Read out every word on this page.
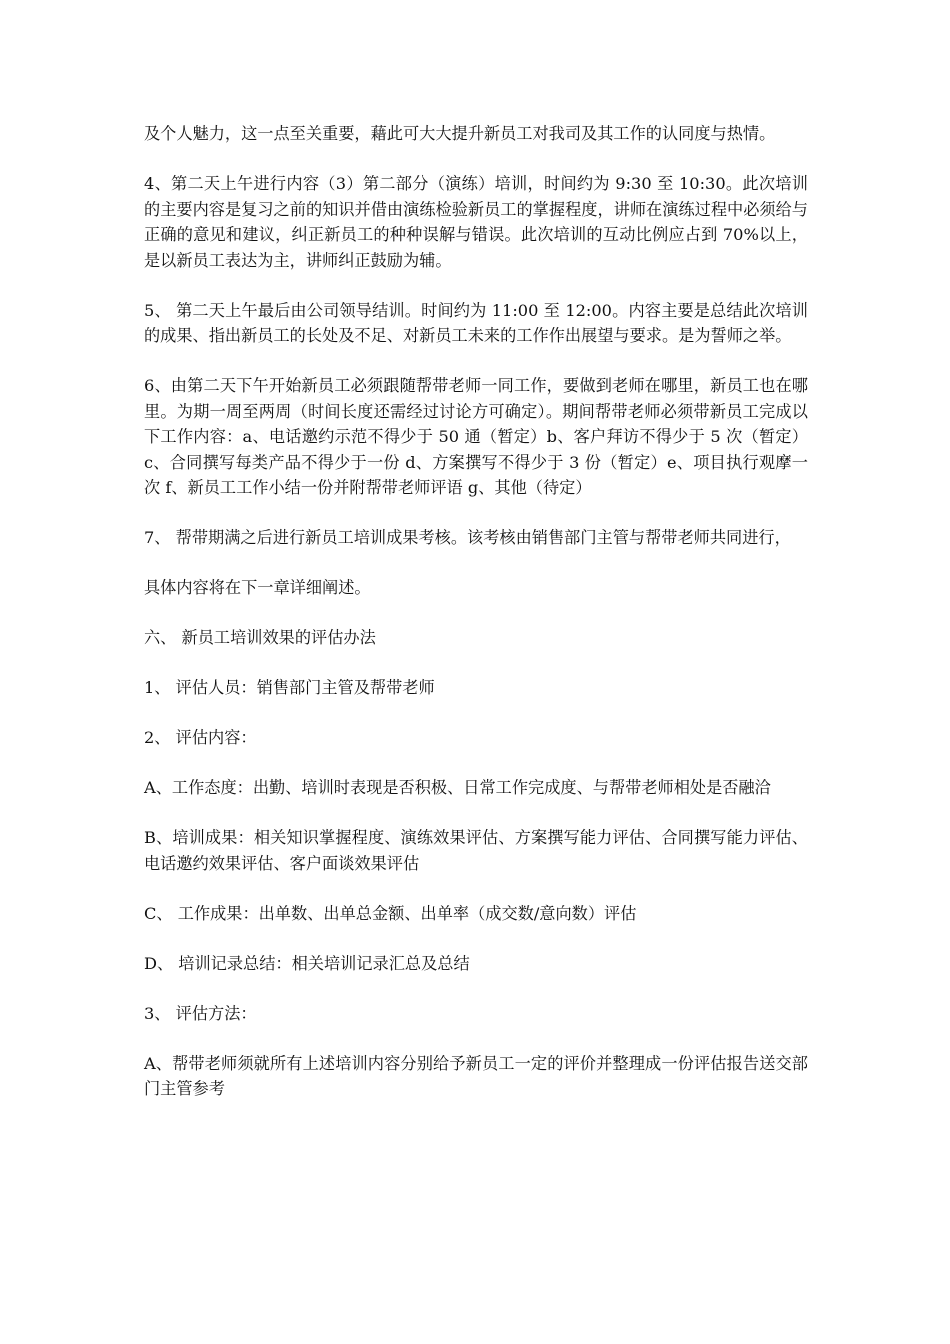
及个人魅力，这一点至关重要，藉此可大大提升新员工对我司及其工作的认同度与热情。

4、第二天上午进行内容（3）第二部分（演练）培训，时间约为 9:30 至 10:30。此次培训的主要内容是复习之前的知识并借由演练检验新员工的掌握程度，讲师在演练过程中必须给与正确的意见和建议，纠正新员工的种种误解与错误。此次培训的互动比例应占到 70%以上，是以新员工表达为主，讲师纠正鼓励为辅。

5、 第二天上午最后由公司领导结训。时间约为 11:00 至 12:00。内容主要是总结此次培训的成果、指出新员工的长处及不足、对新员工未来的工作作出展望与要求。是为誓师之举。

6、由第二天下午开始新员工必须跟随帮带老师一同工作，要做到老师在哪里，新员工也在哪里。为期一周至两周（时间长度还需经过讨论方可确定）。期间帮带老师必须带新员工完成以下工作内容：a、电话邀约示范不得少于 50 通（暂定）b、客户拜访不得少于 5 次（暂定）c、合同撰写每类产品不得少于一份 d、方案撰写不得少于 3 份（暂定）e、项目执行观摩一次 f、新员工工作小结一份并附帮带老师评语 g、其他（待定）

7、 帮带期满之后进行新员工培训成果考核。该考核由销售部门主管与帮带老师共同进行，

具体内容将在下一章详细阐述。

六、 新员工培训效果的评估办法

1、 评估人员：销售部门主管及帮带老师

2、 评估内容：

A、工作态度：出勤、培训时表现是否积极、日常工作完成度、与帮带老师相处是否融洽

B、培训成果：相关知识掌握程度、演练效果评估、方案撰写能力评估、合同撰写能力评估、电话邀约效果评估、客户面谈效果评估

C、 工作成果：出单数、出单总金额、出单率（成交数/意向数）评估

D、 培训记录总结：相关培训记录汇总及总结

3、 评估方法：

A、帮带老师须就所有上述培训内容分别给予新员工一定的评价并整理成一份评估报告送交部门主管参考
